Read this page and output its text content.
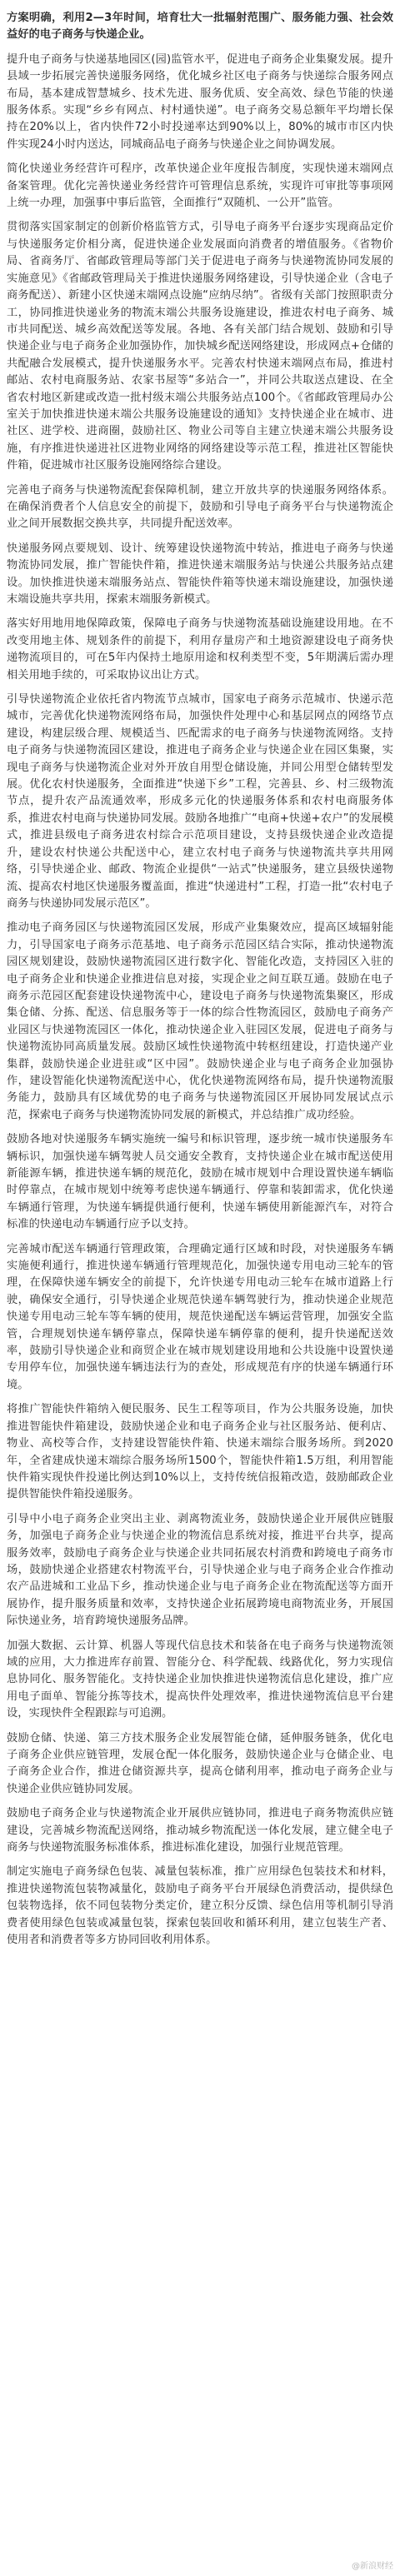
方案明确，利用2—3年时间，培育壮大一批辐射范围广、服务能力强、社会效益好的电子商务与快递企业。

提升电子商务与快递基地园区(园)监管水平，促进电子商务企业集聚发展。提升县域一步拓展完善快递服务网络，优化城乡社区电子商务与快递综合服务网点布局，基本建成智慧城乡、技术先进、服务优质、安全高效、绿色节能的快递服务体系。实现“乡乡有网点、村村通快递”。电子商务交易总额年平均增长保持在20%以上，省内快件72小时投递率达到90%以上，80%的城市市区内快件实现24小时内送达，同城商品电子商务与快递企业之间协调发展。

简化快递业务经营许可程序，改革快递企业年度报告制度，实现快递末端网点备案管理。优化完善快递业务经营许可管理信息系统，实现许可审批等事项网上统一办理，加强事中事后监管，全面推行“双随机、一公开”监管。

贯彻落实国家制定的创新价格监管方式，引导电子商务平台逐步实现商品定价与快递服务定价相分离，促进快递企业发展面向消费者的增值服务。《省物价局、省商务厅、省邮政管理局等部门关于促进电子商务与快递物流协同发展的实施意见》《省邮政管理局关于推进快递服务网络建设，引导快递企业（含电子商务配送）、新建小区快递末端网点设施“应纳尽纳”。省级有关部门按照职责分工，协同推进快递业务的物流末端公共服务设施建设，推进农村电子商务、城市共同配送、城乡高效配送等发展。各地、各有关部门结合规划、鼓励和引导快递企业与电子商务企业加强协作，加快城乡配送网络建设，形成网点+仓储的共配融合发展模式，提升快递服务水平。完善农村快递末端网点布局，推进村邮站、农村电商服务站、农家书屋等“多站合一”，并同公共取送点建设、在全省农村地区新建或改造一批村级末端公共服务站点100个。《省邮政管理局办公室关于加快推进快递末端公共服务设施建设的通知》支持快递企业在城市、进社区、进学校、进商圈，鼓励社区、物业公司等自主建立快递末端公共服务设施，有序推进快递进社区进物业网络的网络建设等示范工程，推进社区智能快件箱，促进城市社区服务设施网络综合建设。

完善电子商务与快递物流配套保障机制，建立开放共享的快递服务网络体系。在确保消费者个人信息安全的前提下，鼓励和引导电子商务平台与快递物流企业之间开展数据交换共享，共同提升配送效率。

快递服务网点要规划、设计、统筹建设快递物流中转站，推进电子商务与快递物流协同发展，推广智能快件箱，推进快递末端服务站与快递公共服务站点建设。加快推进快递末端服务站点、智能快件箱等快递末端设施建设，加强快递末端设施共享共用，探索末端服务新模式。

落实好用地用地保障政策，保障电子商务与快递物流基础设施建设用地。在不改变用地主体、规划条件的前提下，利用存量房产和土地资源建设电子商务快递物流项目的，可在5年内保持土地原用途和权利类型不变，5年期满后需办理相关用地手续的，可采取协议出让方式。

引导快递物流企业依托省内物流节点城市，国家电子商务示范城市、快递示范城市，完善优化快递物流网络布局，加强快件处理中心和基层网点的网络节点建设，构建层级合理、规模适当、匹配需求的电子商务与快递物流网络。支持电子商务与快递物流园区建设，推进电子商务企业与快递企业在园区集聚，实现电子商务与快递物流企业对外开放自用型仓储设施，并同公用型仓储转型发展。优化农村快递服务，全面推进“快递下乡”工程，完善县、乡、村三级物流节点，提升农产品流通效率，形成多元化的快递服务体系和农村电商服务体系，推进农村电商与快递协同发展。鼓励各地推广“电商+快递+农户”的发展模式，推进县级电子商务进农村综合示范项目建设，支持县级快递企业改造提升，建设农村快递公共配送中心，建立农村电子商务与快递物流共享共用网络，引导快递企业、邮政、物流企业提供“一站式”快递服务，建立县级快递物流、提高农村地区快递服务覆盖面，推进“快递进村”工程，打造一批“农村电子商务与快递协同发展示范区”。

推动电子商务园区与快递物流园区发展，形成产业集聚效应，提高区域辐射能力，引导国家电子商务示范基地、电子商务示范园区结合实际，推动快递物流园区规划建设，鼓励快递物流园区进行数字化、智能化改造，支持园区入驻的电子商务企业和快递企业推进信息对接，实现企业之间互联互通。鼓励在电子商务示范园区配套建设快递物流中心，建设电子商务与快递物流集聚区，形成集仓储、分拣、配送、信息服务等于一体的综合性物流园区，鼓励电子商务产业园区与快递物流园区一体化，推动快递企业入驻园区发展，促进电子商务与快递物流协同高质量发展。鼓励区域性快递物流中转枢纽建设，打造快递产业集群，鼓励快递企业进驻或“区中园”。鼓励快递企业与电子商务企业加强协作，建设智能化快递物流配送中心，优化快递物流网络布局，提升快递物流服务能力，鼓励具有区域优势的电子商务与快递物流园区开展协同发展试点示范，探索电子商务与快递物流协同发展的新模式，并总结推广成功经验。

鼓励各地对快递服务车辆实施统一编号和标识管理，逐步统一城市快递服务车辆标识，加强快递车辆驾驶人员交通安全教育，支持快递企业在城市配送使用新能源车辆，推进快递车辆的规范化，鼓励在城市规划中合理设置快递车辆临时停靠点，在城市规划中统筹考虑快递车辆通行、停靠和装卸需求，优化快递车辆通行管理，为快递车辆提供通行便利，快递车辆使用新能源汽车，对符合标准的快递电动车辆通行应予以支持。

完善城市配送车辆通行管理政策，合理确定通行区域和时段，对快递服务车辆实施便利通行，推进快递车辆通行管理规范化，加强快递专用电动三轮车的管理，在保障快递车辆安全的前提下，允许快递专用电动三轮车在城市道路上行驶，确保安全通行，引导快递企业规范快递车辆驾驶行为，推动快递企业规范快递专用电动三轮车等车辆的使用，规范快递配送车辆运营管理，加强安全监管，合理规划快递车辆停靠点，保障快递车辆停靠的便利，提升快递配送效率，鼓励引导快递企业和商贸企业在城市规划建设用地和公共设施中设置快递专用停车位，加强快递车辆违法行为的查处，形成规范有序的快递车辆通行环境。

将推广智能快件箱纳入便民服务、民生工程等项目，作为公共服务设施，加快推进智能快件箱建设，鼓励快递企业和电子商务企业与社区服务站、便利店、物业、高校等合作，支持建设智能快件箱、快递末端综合服务场所。到2020年，全省建成快递末端综合服务场所1500个，智能快件箱1.5万组，利用智能快件箱实现快件投递比例达到10%以上，支持传统信报箱改造，鼓励邮政企业提供智能快件箱投递服务。

引导中小电子商务企业突出主业、剥离物流业务，鼓励快递企业开展供应链服务，加强电子商务企业与快递企业的物流信息系统对接，推进平台共享，提高服务效率，鼓励电子商务企业与快递企业共同拓展农村消费和跨境电子商务市场，鼓励快递企业搭建农村物流平台，引导快递企业与电子商务企业合作推动农产品进城和工业品下乡，推动快递企业与电子商务企业在物流配送等方面开展协作，提升服务质量和效率，支持快递企业拓展跨境电商物流业务，开展国际快递业务，培育跨境快递服务品牌。

加强大数据、云计算、机器人等现代信息技术和装备在电子商务与快递物流领域的应用，大力推进库存前置、智能分仓、科学配载、线路优化，努力实现信息协同化、服务智能化。支持快递企业加快推进快递物流信息化建设，推广应用电子面单、智能分拣等技术，提高快件处理效率，推进快递物流信息平台建设，实现快件全程跟踪与可追溯。

鼓励仓储、快递、第三方技术服务企业发展智能仓储，延伸服务链条，优化电子商务企业供应链管理，发展仓配一体化服务，鼓励快递企业与仓储企业、电子商务企业合作，推进仓储资源共享，提高仓储利用率，推动电子商务企业与快递企业供应链协同发展。

鼓励电子商务企业与快递物流企业开展供应链协同，推进电子商务物流供应链建设，完善城乡物流配送网络，推动城乡物流配送一体化发展，建立健全电子商务与快递物流服务标准体系，推进标准化建设，加强行业规范管理。

制定实施电子商务绿色包装、减量包装标准，推广应用绿色包装技术和材料，推进快递物流包装物减量化，鼓励电子商务平台开展绿色消费活动，提供绿色包装物选择，依不同包装物分类定价，建立积分反馈、绿色信用等机制引导消费者使用绿色包装或减量包装，探索包装回收和循环利用，建立包装生产者、使用者和消费者等多方协同回收利用体系。

@新浪财经
